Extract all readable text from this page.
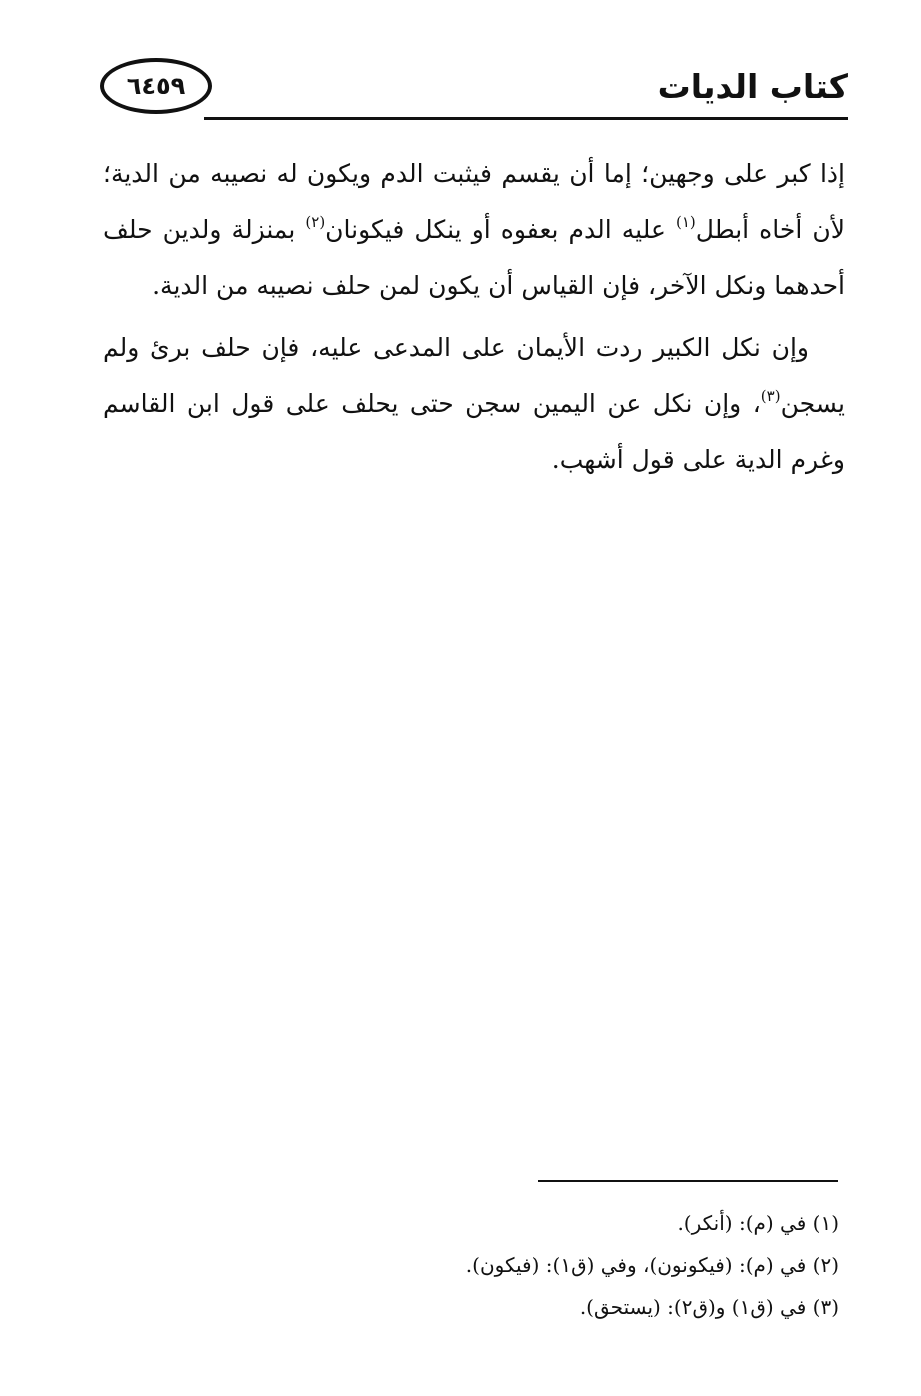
٦٤٥٩	كتاب الديات

إذا كبر على وجهين؛ إما أن يقسم فيثبت الدم ويكون له نصيبه من الدية؛ لأن أخاه أبطل$^{(١)}$ عليه الدم بعفوه أو ينكل فيكونان$^{(٢)}$ بمنزلة ولدين حلف أحدهما ونكل الآخر، فإن القياس أن يكون لمن حلف نصيبه من الدية.

وإن نكل الكبير ردت الأيمان على المدعى عليه، فإن حلف برئ ولم يسجن$^{(٣)}$، وإن نكل عن اليمين سجن حتى يحلف على قول ابن القاسم وغرم الدية على قول أشهب.

(١) في (م): (أنكر).
(٢) في (م): (فيكونون)، وفي (ق١): (فيكون).
(٣) في (ق١) و(ق٢): (يستحق).
